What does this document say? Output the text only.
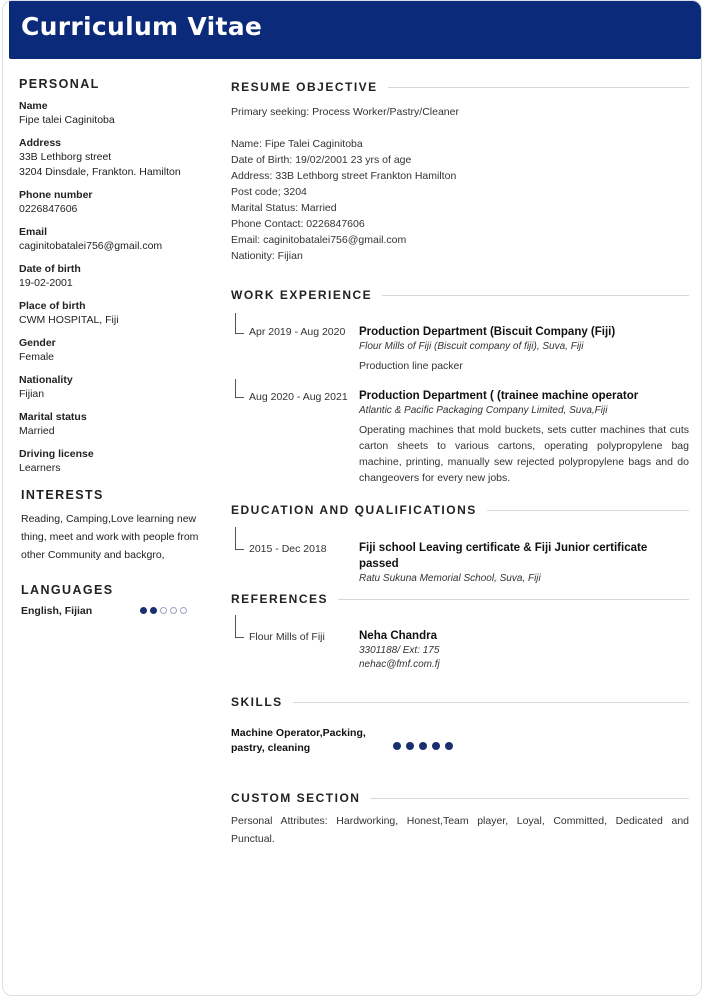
Curriculum Vitae
PERSONAL
Name
Fipe talei Caginitoba
Address
33B Lethborg street
3204 Dinsdale, Frankton. Hamilton
Phone number
0226847606
Email
caginitobatalei756@gmail.com
Date of birth
19-02-2001
Place of birth
CWM HOSPITAL, Fiji
Gender
Female
Nationality
Fijian
Marital status
Married
Driving license
Learners
INTERESTS
Reading, Camping,Love learning new thing, meet and work with people from other Community and backgro,
LANGUAGES
English, Fijian
RESUME OBJECTIVE
Primary seeking: Process Worker/Pastry/Cleaner
Name: Fipe Talei Caginitoba
Date of Birth: 19/02/2001 23 yrs of age
Address: 33B Lethborg street Frankton Hamilton
Post code; 3204
Marital Status: Married
Phone Contact: 0226847606
Email: caginitobatalei756@gmail.com
Nationity: Fijian
WORK EXPERIENCE
Apr 2019 - Aug 2020 Production Department (Biscuit Company (Fiji)
Flour Mills of Fiji (Biscuit company of fiji), Suva, Fiji
Production line packer
Aug 2020 - Aug 2021 Production Department ( (trainee machine operator
Atlantic & Pacific Packaging Company Limited, Suva,Fiji
Operating machines that mold buckets, sets cutter machines that cuts carton sheets to various cartons, operating polypropylene bag machine, printing, manually sew rejected polypropylene bags and do changeovers for every new jobs.
EDUCATION AND QUALIFICATIONS
2015 - Dec 2018	Fiji school Leaving certificate & Fiji Junior certificate passed
Ratu Sukuna Memorial School, Suva, Fiji
REFERENCES
Flour Mills of Fiji	Neha Chandra
3301188/ Ext: 175
nehac@fmf.com.fj
SKILLS
Machine Operator,Packing, pastry, cleaning
CUSTOM SECTION
Personal Attributes: Hardworking, Honest,Team player, Loyal, Committed, Dedicated and Punctual.
